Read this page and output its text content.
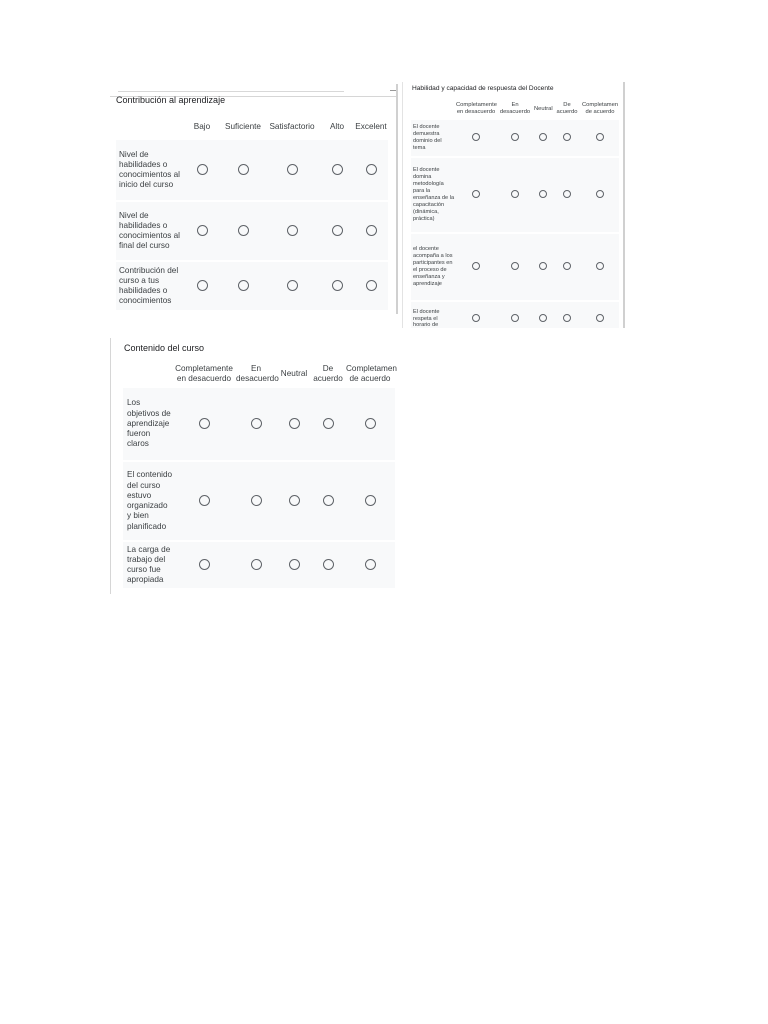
Contribución al aprendizaje
	Bajo	Suficiente	Satisfactorio	Alto	Excelent
Nivel de habilidades o conocimientos al inicio del curso					
Nivel de habilidades o conocimientos al final del curso					
Contribución del curso a tus habilidades o conocimientos					
Habilidad y capacidad de respuesta del Docente
	Completamente en desacuerdo	En desacuerdo	Neutral	De acuerdo	Completamen de acuerdo
El docente demuestra dominio del tema					
El docente domina metodología para la enseñanza de la capacitación (dinámica, práctica)					
el docente acompaña a los participantes en el proceso de enseñanza y aprendizaje					
El docente respeta el horario de					
Contenido del curso
	Completamente en desacuerdo	En desacuerdo	Neutral	De acuerdo	Completamen de acuerdo
Los objetivos de aprendizaje fueron claros					
El contenido del curso estuvo organizado y bien planificado					
La carga de trabajo del curso fue apropiada					
